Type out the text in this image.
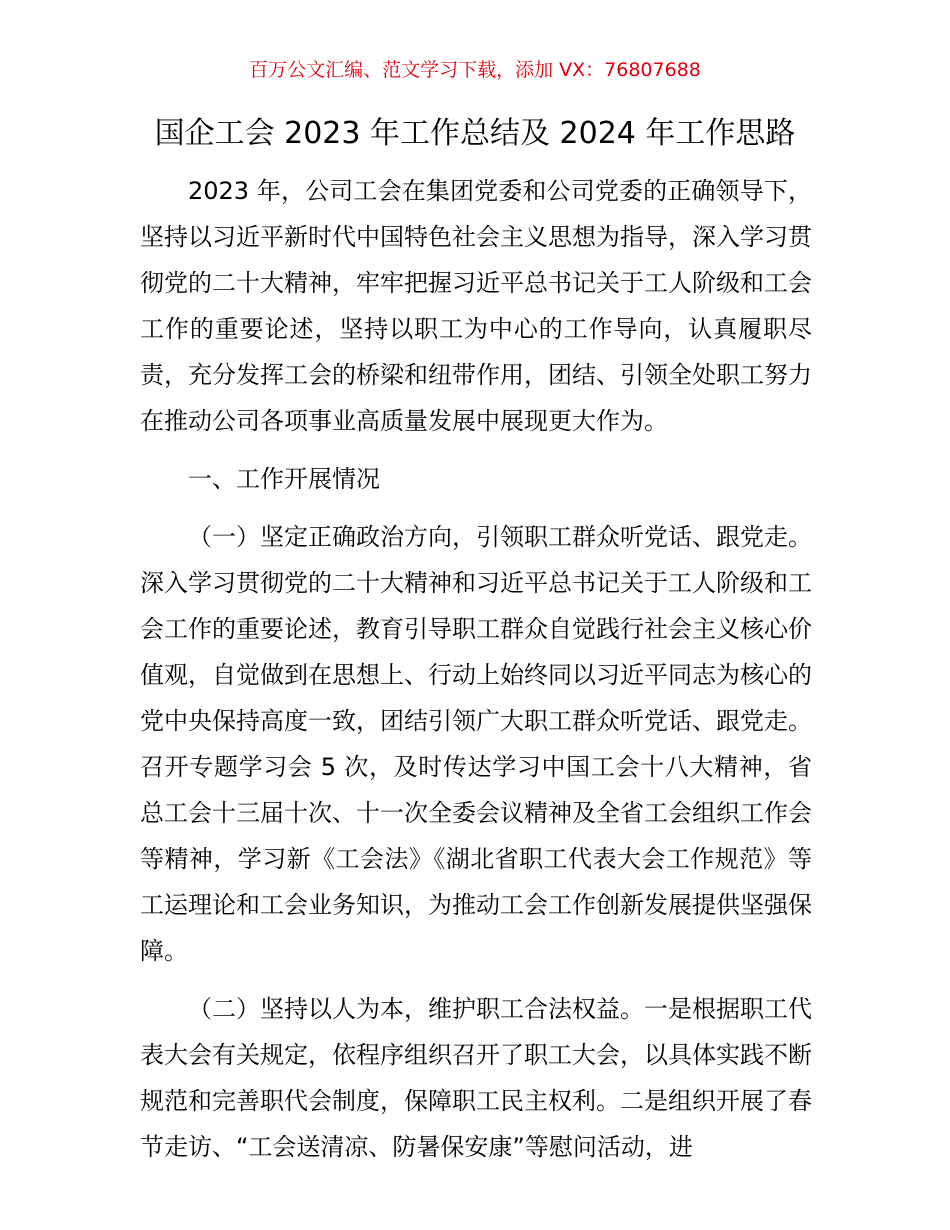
百万公文汇编、范文学习下载，添加 VX：76807688
国企工会 2023 年工作总结及 2024 年工作思路

2023 年，公司工会在集团党委和公司党委的正确领导下，坚持以习近平新时代中国特色社会主义思想为指导，深入学习贯彻党的二十大精神，牢牢把握习近平总书记关于工人阶级和工会工作的重要论述，坚持以职工为中心的工作导向，认真履职尽责，充分发挥工会的桥梁和纽带作用，团结、引领全处职工努力在推动公司各项事业高质量发展中展现更大作为。

一、工作开展情况

（一）坚定正确政治方向，引领职工群众听党话、跟党走。深入学习贯彻党的二十大精神和习近平总书记关于工人阶级和工会工作的重要论述，教育引导职工群众自觉践行社会主义核心价值观，自觉做到在思想上、行动上始终同以习近平同志为核心的党中央保持高度一致，团结引领广大职工群众听党话、跟党走。召开专题学习会 5 次，及时传达学习中国工会十八大精神，省总工会十三届十次、十一次全委会议精神及全省工会组织工作会等精神，学习新《工会法》《湖北省职工代表大会工作规范》等工运理论和工会业务知识，为推动工会工作创新发展提供坚强保障。

（二）坚持以人为本，维护职工合法权益。一是根据职工代表大会有关规定，依程序组织召开了职工大会，以具体实践不断规范和完善职代会制度，保障职工民主权利。二是组织开展了春节走访、“工会送清凉、防暑保安康”等慰问活动，进
